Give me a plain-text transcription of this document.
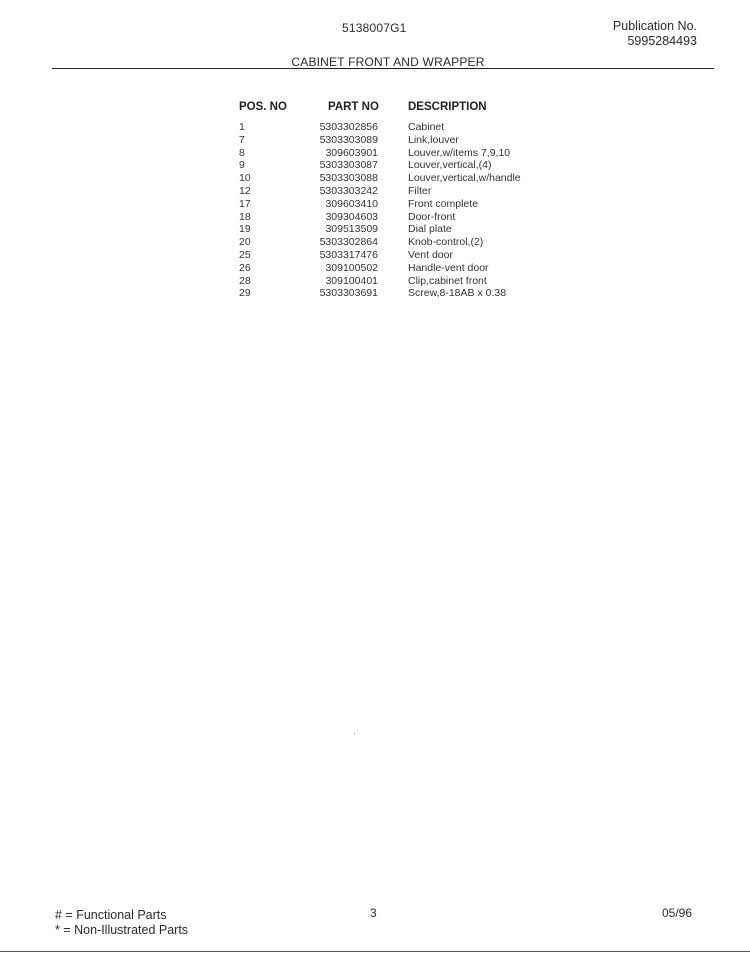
5138007G1	Publication No.
5995284493
CABINET FRONT AND WRAPPER
POS. NO	PART NO	DESCRIPTION
1	5303302856	Cabinet
7	5303303089	Link,louver
8	309603901	Louver,w/items 7,9,10
9	5303303087	Louver,vertical,(4)
10	5303303088	Louver,vertical,w/handle
12	5303303242	Filter
17	309603410	Front complete
18	309304603	Door-front
19	309513509	Dial plate
20	5303302864	Knob-control,(2)
25	5303317476	Vent door
26	309100502	Handle-vent door
28	309100401	Clip,cabinet front
29	5303303691	Screw,8-18AB x 0.38
# = Functional Parts
* = Non-Illustrated Parts
3	05/96
